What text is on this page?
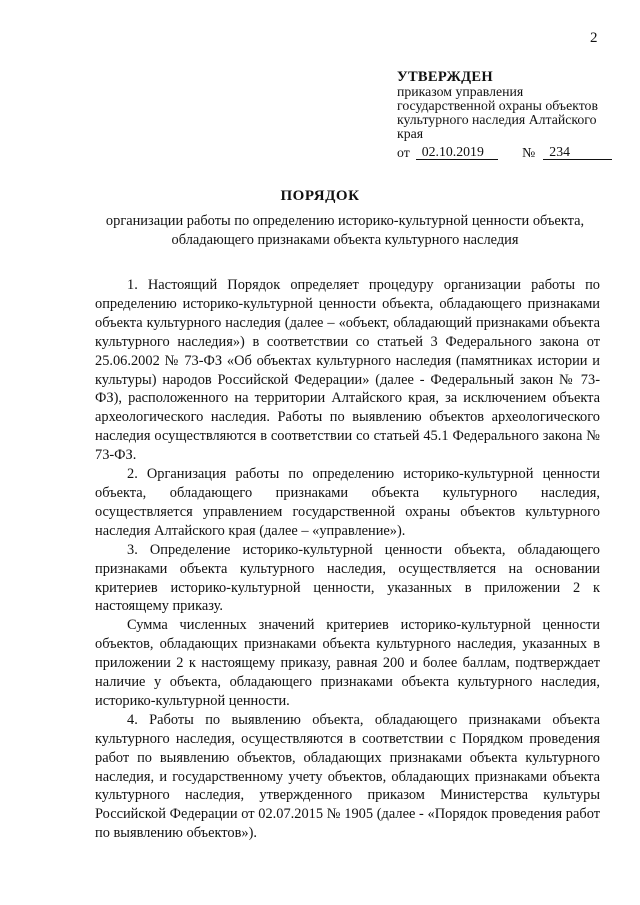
2
УТВЕРЖДЕН
приказом управления
государственной охраны объектов
культурного наследия Алтайского
края
от 02.10.2019	№	234
ПОРЯДОК
организации работы по определению историко-культурной ценности объекта, обладающего признаками объекта культурного наследия

1. Настоящий Порядок определяет процедуру организации работы по определению историко-культурной ценности объекта, обладающего признаками объекта культурного наследия (далее – «объект, обладающий признаками объекта культурного наследия») в соответствии со статьей 3 Федерального закона от 25.06.2002 № 73-ФЗ «Об объектах культурного наследия (памятниках истории и культуры) народов Российской Федерации» (далее - Федеральный закон № 73-ФЗ), расположенного на территории Алтайского края, за исключением объекта археологического наследия. Работы по выявлению объектов археологического наследия осуществляются в соответствии со статьей 45.1 Федерального закона № 73-ФЗ.

2. Организация работы по определению историко-культурной ценности объекта, обладающего признаками объекта культурного наследия, осуществляется управлением государственной охраны объектов культурного наследия Алтайского края (далее – «управление»).

3. Определение историко-культурной ценности объекта, обладающего признаками объекта культурного наследия, осуществляется на основании критериев историко-культурной ценности, указанных в приложении 2 к настоящему приказу.

Сумма численных значений критериев историко-культурной ценности объектов, обладающих признаками объекта культурного наследия, указанных в приложении 2 к настоящему приказу, равная 200 и более баллам, подтверждает наличие у объекта, обладающего признаками объекта культурного наследия, историко-культурной ценности.

4. Работы по выявлению объекта, обладающего признаками объекта культурного наследия, осуществляются в соответствии с Порядком проведения работ по выявлению объектов, обладающих признаками объекта культурного наследия, и государственному учету объектов, обладающих признаками объекта культурного наследия, утвержденного приказом Министерства культуры Российской Федерации от 02.07.2015 № 1905 (далее - «Порядок проведения работ по выявлению объектов»).
